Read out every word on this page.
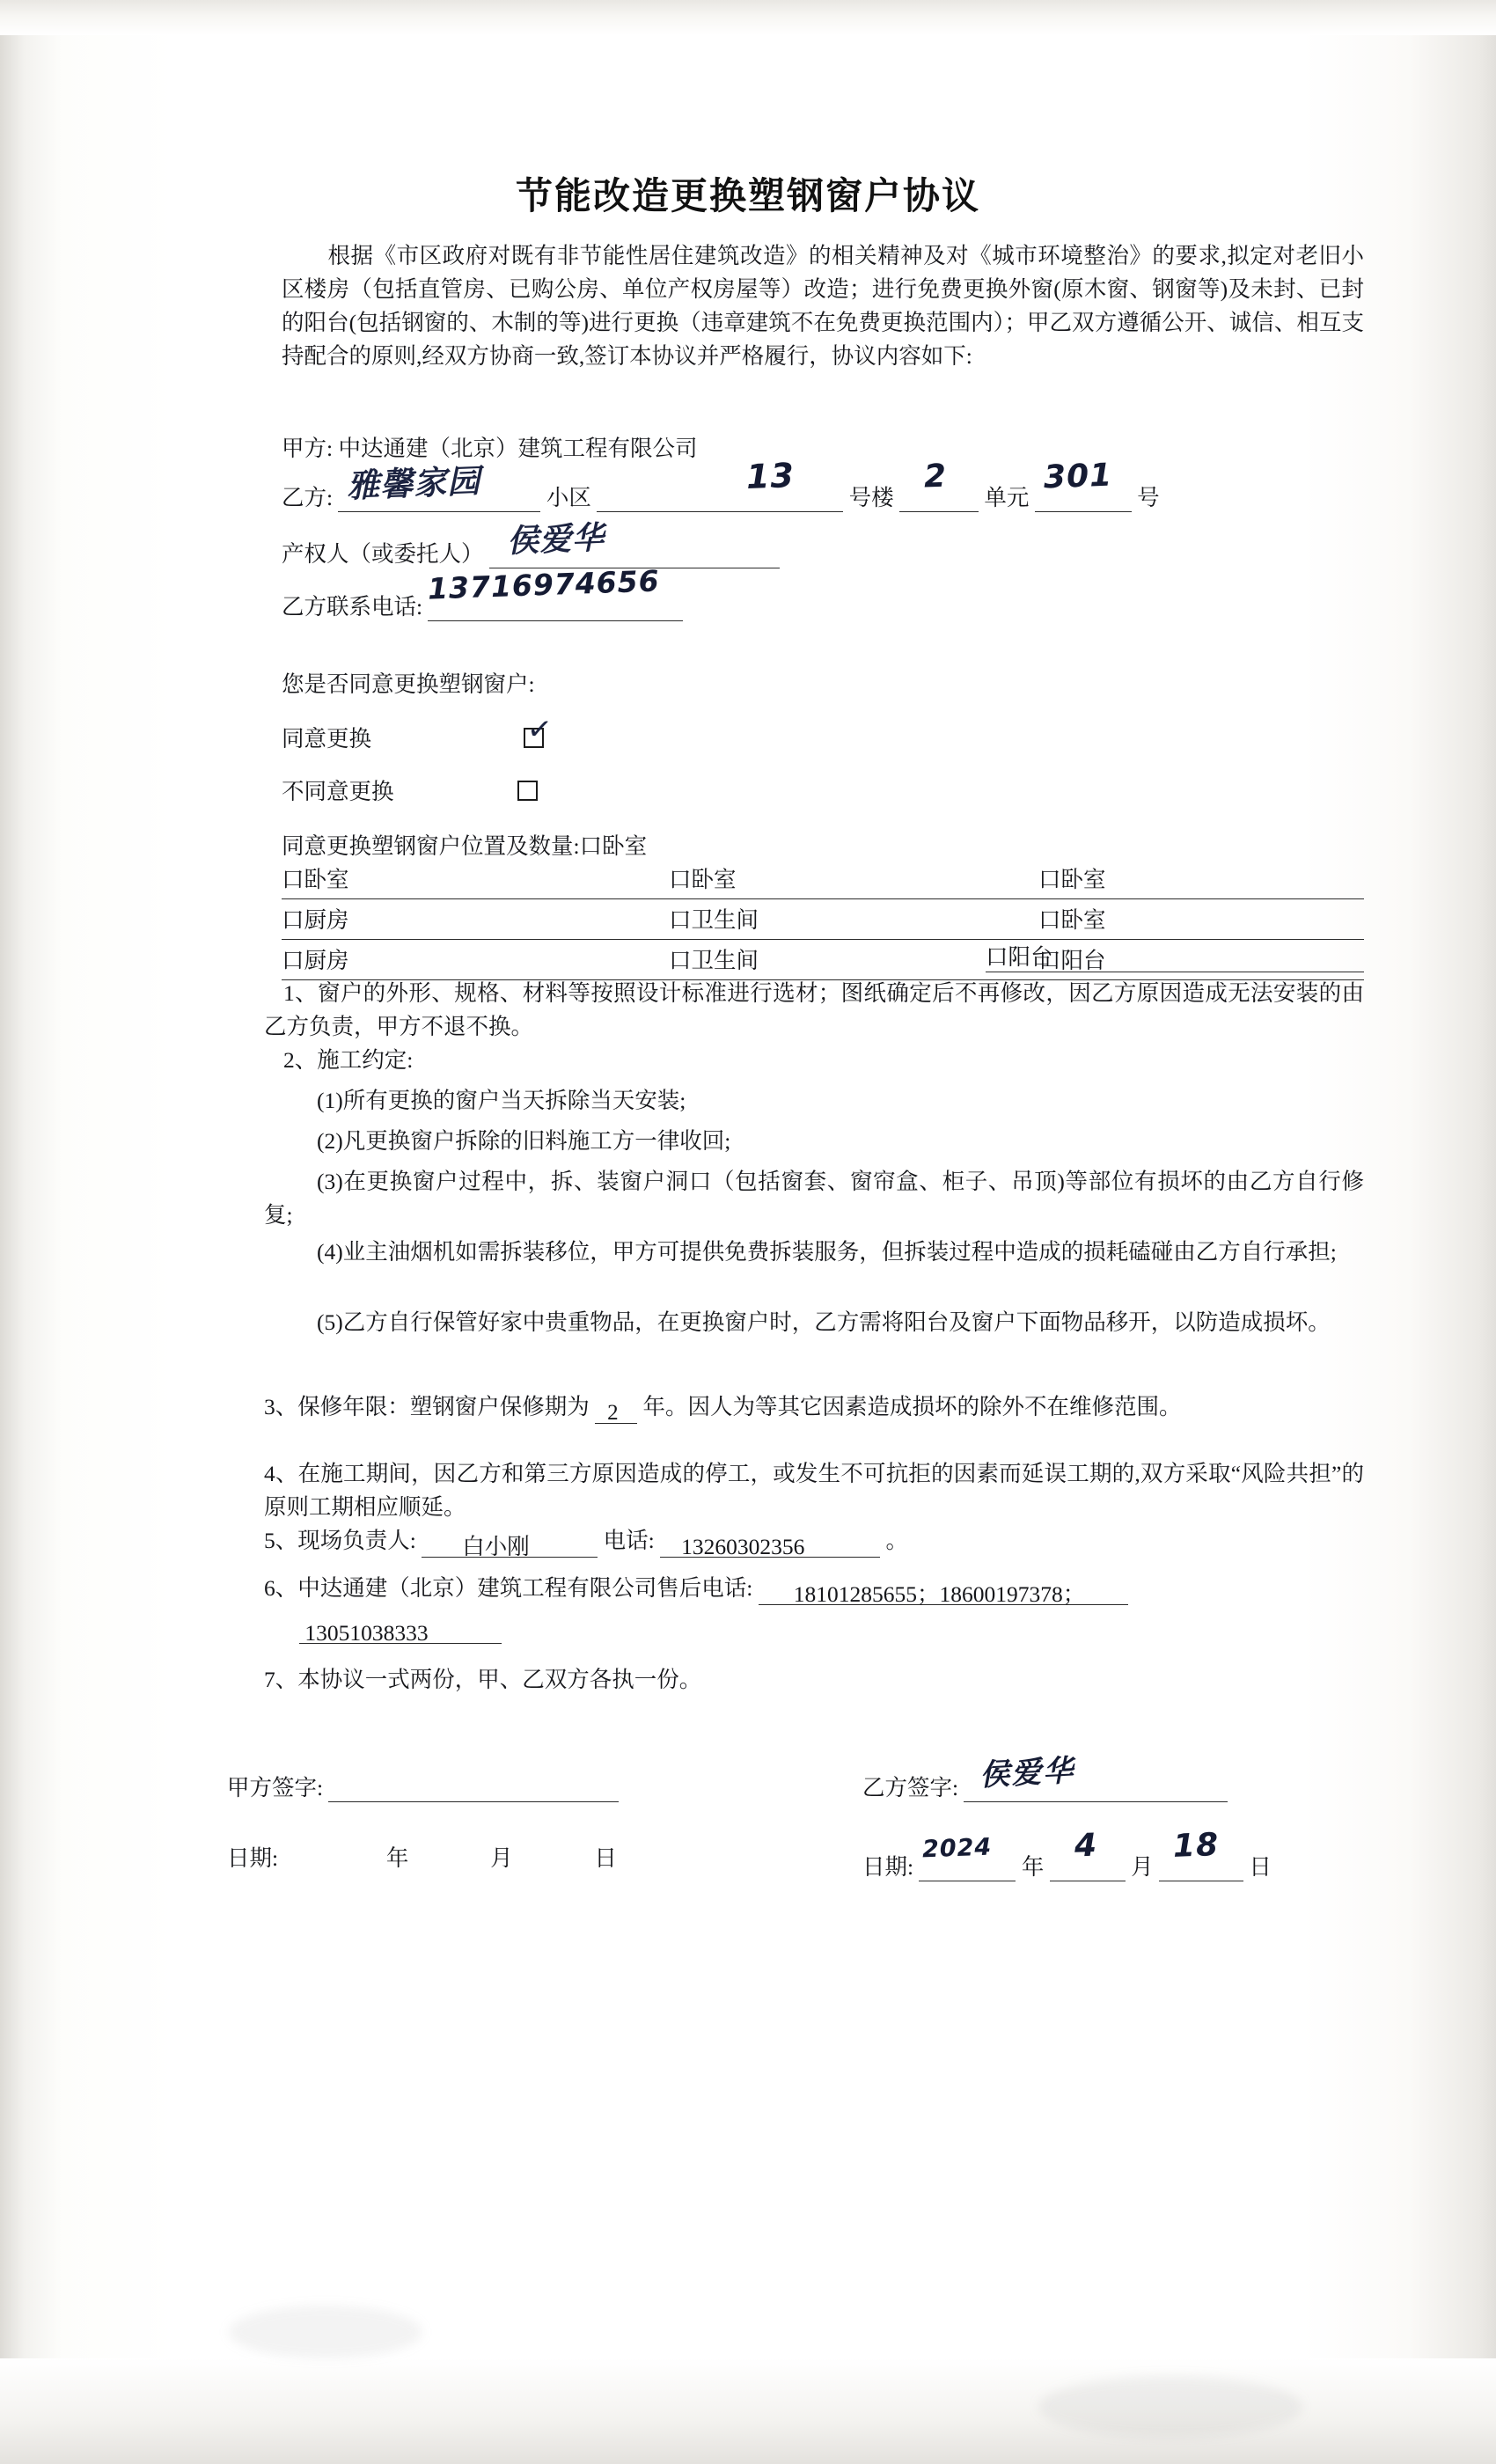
节能改造更换塑钢窗户协议
根据《市区政府对既有非节能性居住建筑改造》的相关精神及对《城市环境整治》的要求,拟定对老旧小区楼房（包括直管房、已购公房、单位产权房屋等）改造；进行免费更换外窗(原木窗、钢窗等)及未封、已封的阳台(包括钢窗的、木制的等)进行更换（违章建筑不在免费更换范围内）；甲乙双方遵循公开、诚信、相互支持配合的原则,经双方协商一致,签订本协议并严格履行，协议内容如下:
甲方: 中达通建（北京）建筑工程有限公司
乙方: 雅馨家园	小区
13
号楼
2
单元
301
号
产权人（或委托人） 侯爱华
乙方联系电话:
13716974656
您是否同意更换塑钢窗户:
同意更换	✓
不同意更换
同意更换塑钢窗户位置及数量:口卧室
口卧室	口卧室	口卧室
口厨房	口卫生间	口卧室
口厨房	口卫生间	口阳台
1、窗户的外形、规格、材料等按照设计标准进行选材；图纸确定后不再修改，因乙方原因造成无法安装的由乙方负责，甲方不退不换。
2、施工约定:
(1)所有更换的窗户当天拆除当天安装;
(2)凡更换窗户拆除的旧料施工方一律收回;
(3)在更换窗户过程中，拆、装窗户洞口（包括窗套、窗帘盒、柜子、吊顶)等部位有损坏的由乙方自行修复;
(4)业主油烟机如需拆装移位，甲方可提供免费拆装服务，但拆装过程中造成的损耗磕碰由乙方自行承担;
(5)乙方自行保管好家中贵重物品，在更换窗户时，乙方需将阳台及窗户下面物品移开，以防造成损坏。
3、保修年限：塑钢窗户保修期为 2 年。因人为等其它因素造成损坏的除外不在维修范围。
4、在施工期间，因乙方和第三方原因造成的停工，或发生不可抗拒的因素而延误工期的,双方采取“风险共担”的原则工期相应顺延。
5、现场负责人: 白小刚	电话: 13260302356	。
6、中达通建（北京）建筑工程有限公司售后电话: 18101285655；18600197378；

13051038333
7、本协议一式两份，甲、乙双方各执一份。
甲方签字:
日期:	年	月	日
乙方签字: 侯爱华
日期:
2024
年
4
月
18
日
口阳台
